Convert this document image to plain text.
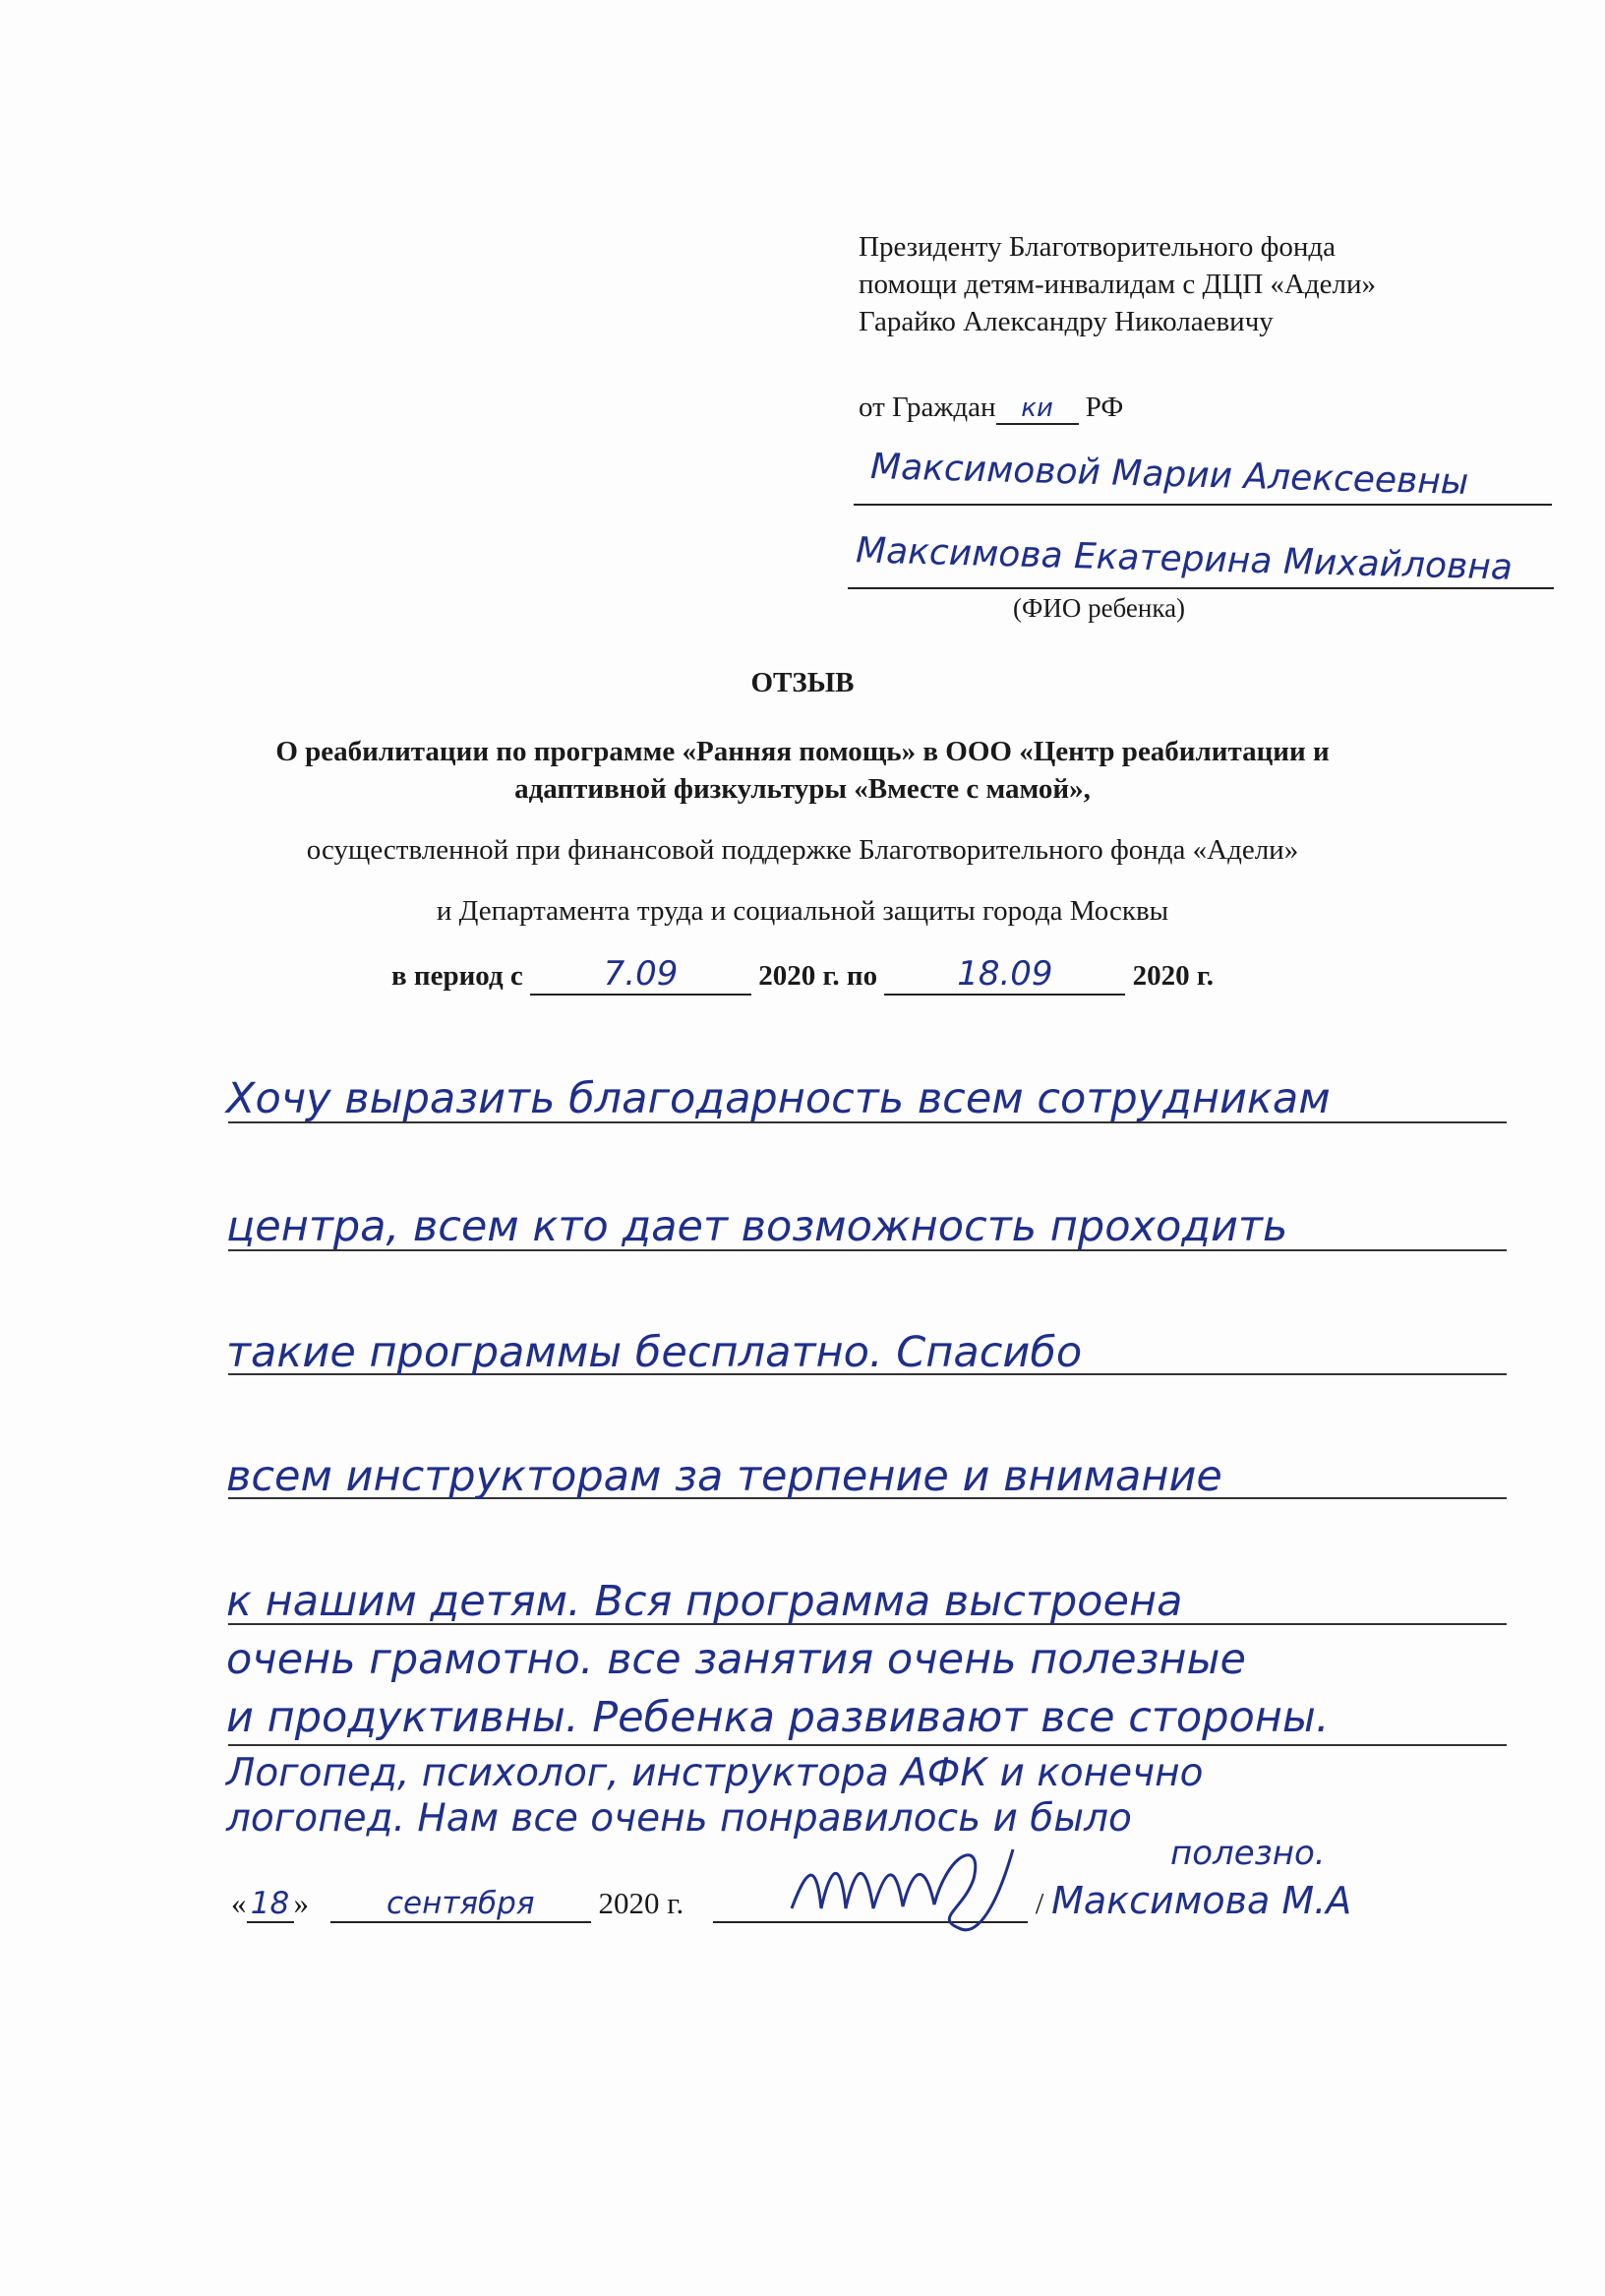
Президенту Благотворительного фонда
помощи детям-инвалидам с ДЦП «Адели»
Гарайко Александру Николаевичу
от Граждан ки РФ
Максимовой Марии Алексеевны
Максимова Екатерина Михайловна
(ФИО ребенка)
ОТЗЫВ
О реабилитации по программе «Ранняя помощь» в ООО «Центр реабилитации и
адаптивной физкультуры «Вместе с мамой»,
осуществленной при финансовой поддержке Благотворительного фонда «Адели»
и Департамента труда и социальной защиты города Москвы
в период с 7.09	2020 г. по 18.09	2020 г.
Хочу выразить благодарность всем сотрудникам
центра, всем кто дает возможность проходить
такие программы бесплатно. Спасибо
всем инструкторам за терпение и внимание
к нашим детям. Вся программа выстроена
очень грамотно. все занятия очень полезные
и продуктивны. Ребенка развивают все стороны.
Логопед, психолог, инструктора АФК и конечно
логопед. Нам все очень понравилось и было
полезно.
« 18 »	сентября 2020 г.	/ Максимова М.А
